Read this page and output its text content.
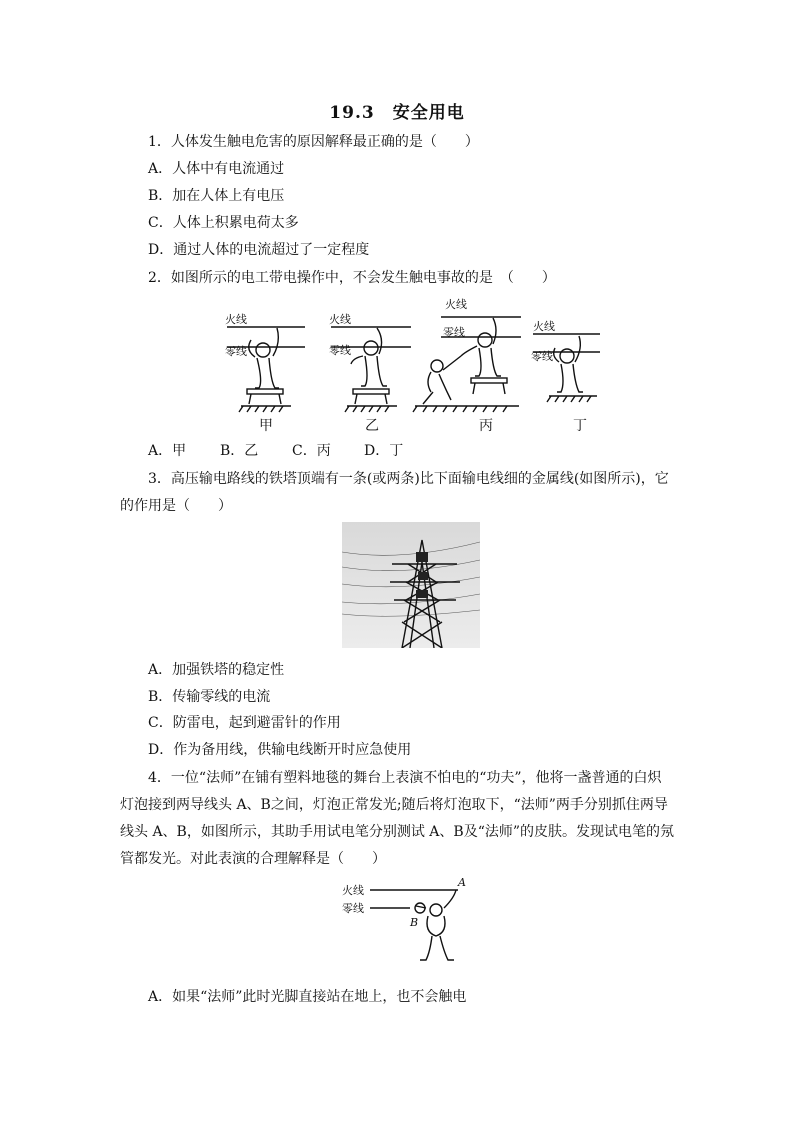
19.3　安全用电
1．人体发生触电危害的原因解释最正确的是（　　）
A．人体中有电流通过
B．加在人体上有电压
C．人体上积累电荷太多
D．通过人体的电流超过了一定程度
2．如图所示的电工带电操作中，不会发生触电事故的是　（　　）
火线
零线
火线
零线
火线
零线	火线
零线
甲	乙	丙	丁
A．甲 B．乙 C．丙 D．丁
3．高压输电路线的铁塔顶端有一条(或两条)比下面输电线细的金属线(如图所示)，它
的作用是（　　）
A．加强铁塔的稳定性
B．传输零线的电流
C．防雷电，起到避雷针的作用
D．作为备用线，供输电线断开时应急使用
4．一位“法师”在铺有塑料地毯的舞台上表演不怕电的“功夫”，他将一盏普通的白炽
灯泡接到两导线头 A、B之间，灯泡正常发光;随后将灯泡取下，“法师”两手分别抓住两导
线头 A、B，如图所示，其助手用试电笔分别测试 A、B及“法师”的皮肤。发现试电笔的氖
管都发光。对此表演的合理解释是（　　）
火线
零线
A
B
A．如果“法师”此时光脚直接站在地上，也不会触电
